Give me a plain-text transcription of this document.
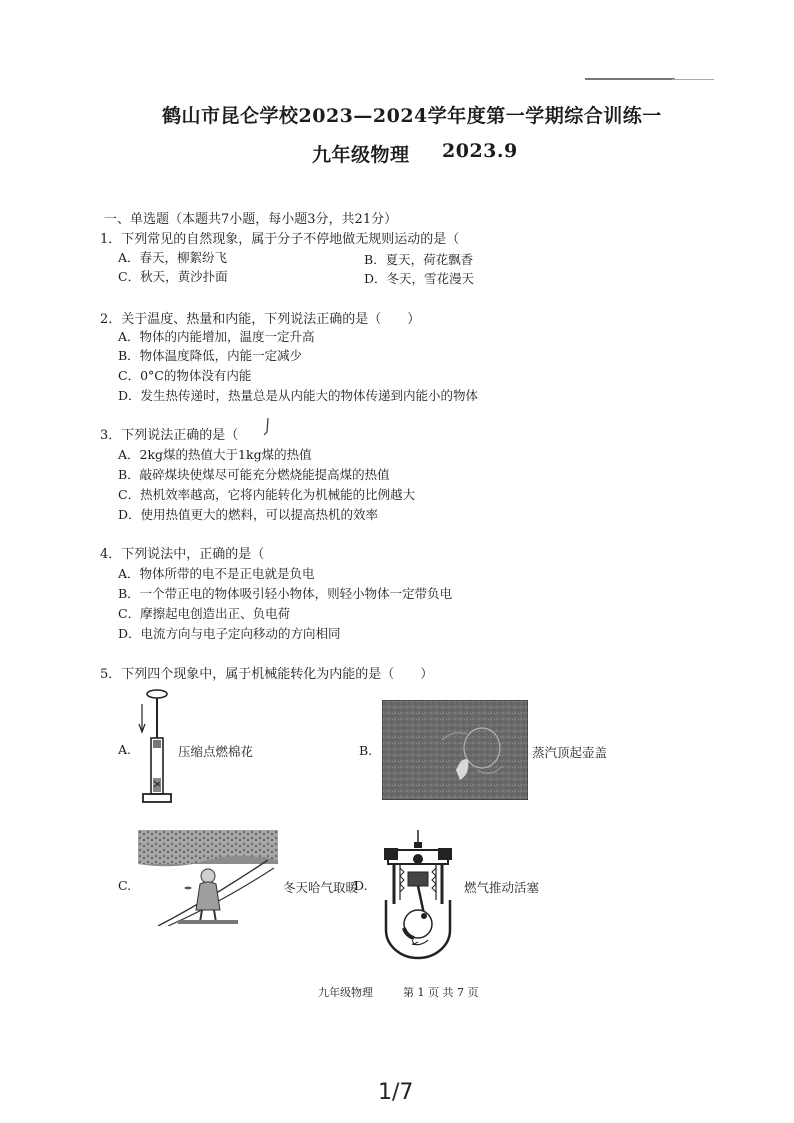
鹤山市昆仑学校2023—2024学年度第一学期综合训练一
九年级物理 2023.9
一、单选题（本题共7小题，每小题3分，共21分）
1．下列常见的自然现象，属于分子不停地做无规则运动的是（
A．春天，柳絮纷飞	B．夏天，荷花飘香
C．秋天，黄沙扑面	D．冬天，雪花漫天
2．关于温度、热量和内能，下列说法正确的是（　　）
A．物体的内能增加，温度一定升高
B．物体温度降低，内能一定减少
C．0°C的物体没有内能
D．发生热传递时，热量总是从内能大的物体传递到内能小的物体
3．下列说法正确的是（
A．2kg煤的热值大于1kg煤的热值
B．敲碎煤块使煤尽可能充分燃烧能提高煤的热值
C．热机效率越高，它将内能转化为机械能的比例越大
D．使用热值更大的燃料，可以提高热机的效率
4．下列说法中，正确的是（
A．物体所带的电不是正电就是负电
B．一个带正电的物体吸引轻小物体，则轻小物体一定带负电
C．摩擦起电创造出正、负电荷
D．电流方向与电子定向移动的方向相同
5．下列四个现象中，属于机械能转化为内能的是（　　）
A.	压缩点燃棉花	B.	蒸汽顶起壶盖
C.	冬天哈气取暖
D.	燃气推动活塞
九年级物理	第 1 页 共 7 页
1/7
